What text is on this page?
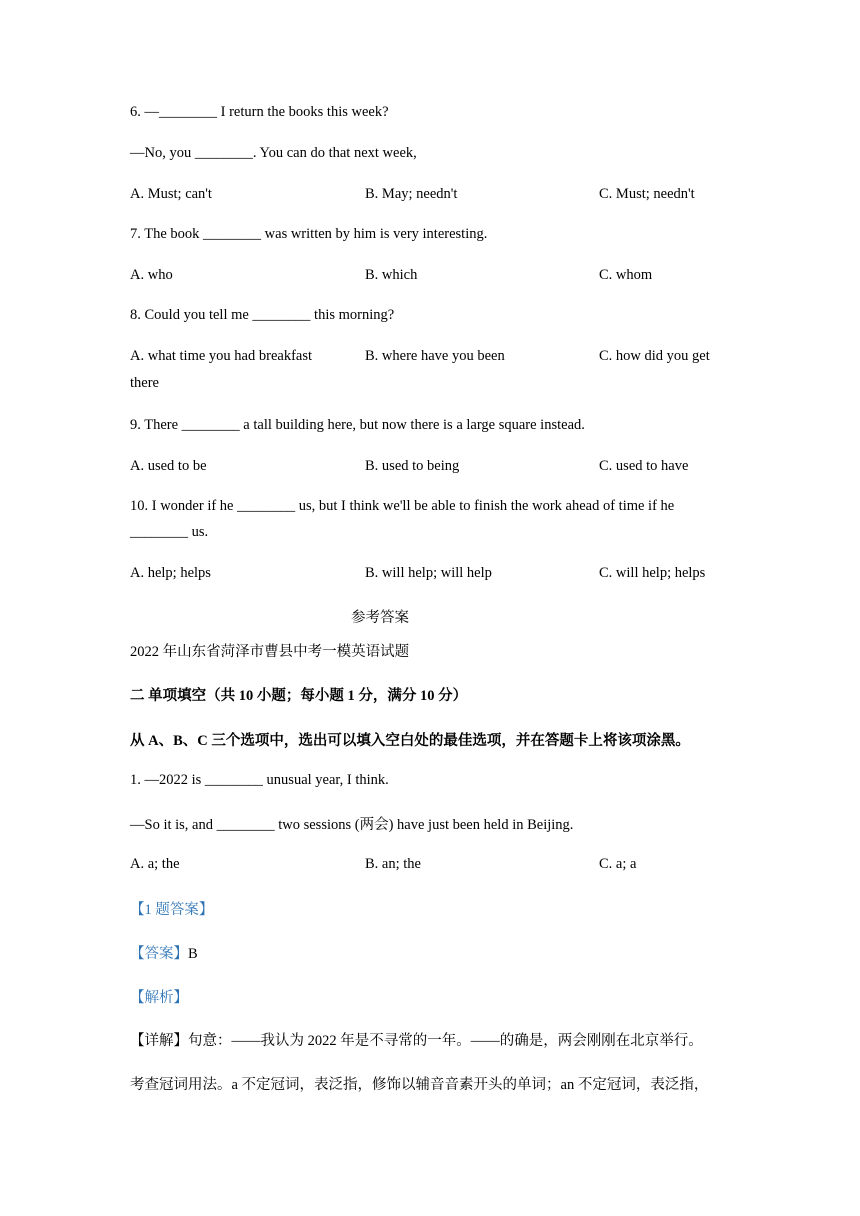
6. —________ I return the books this week?
—No, you ________. You can do that next week,
A. Must; can't	B. May; needn't	C. Must; needn't
7. The book ________ was written by him is very interesting.
A. who	B. which	C. whom
8. Could you tell me ________ this morning?
A. what time you had breakfast	B. where have you been	C. how did you get
there
9. There ________ a tall building here, but now there is a large square instead.
A. used to be	B. used to being	C. used to have
10. I wonder if he ________ us, but I think we'll be able to finish the work ahead of time if he
________ us.
A. help; helps	B. will help; will help	C. will help; helps
参考答案
2022 年山东省菏泽市曹县中考一模英语试题
二 单项填空（共 10 小题；每小题 1 分，满分 10 分）
从 A、B、C 三个选项中，选出可以填入空白处的最佳选项，并在答题卡上将该项涂黑。
1. —2022 is ________ unusual year, I think.
—So it is, and ________ two sessions (两会) have just been held in Beijing.
A. a; the	B. an; the	C. a; a
【1 题答案】
【答案】B
【解析】
【详解】句意：——我认为 2022 年是不寻常的一年。——的确是，两会刚刚在北京举行。
考查冠词用法。a 不定冠词，表泛指，修饰以辅音音素开头的单词；an 不定冠词，表泛指，
